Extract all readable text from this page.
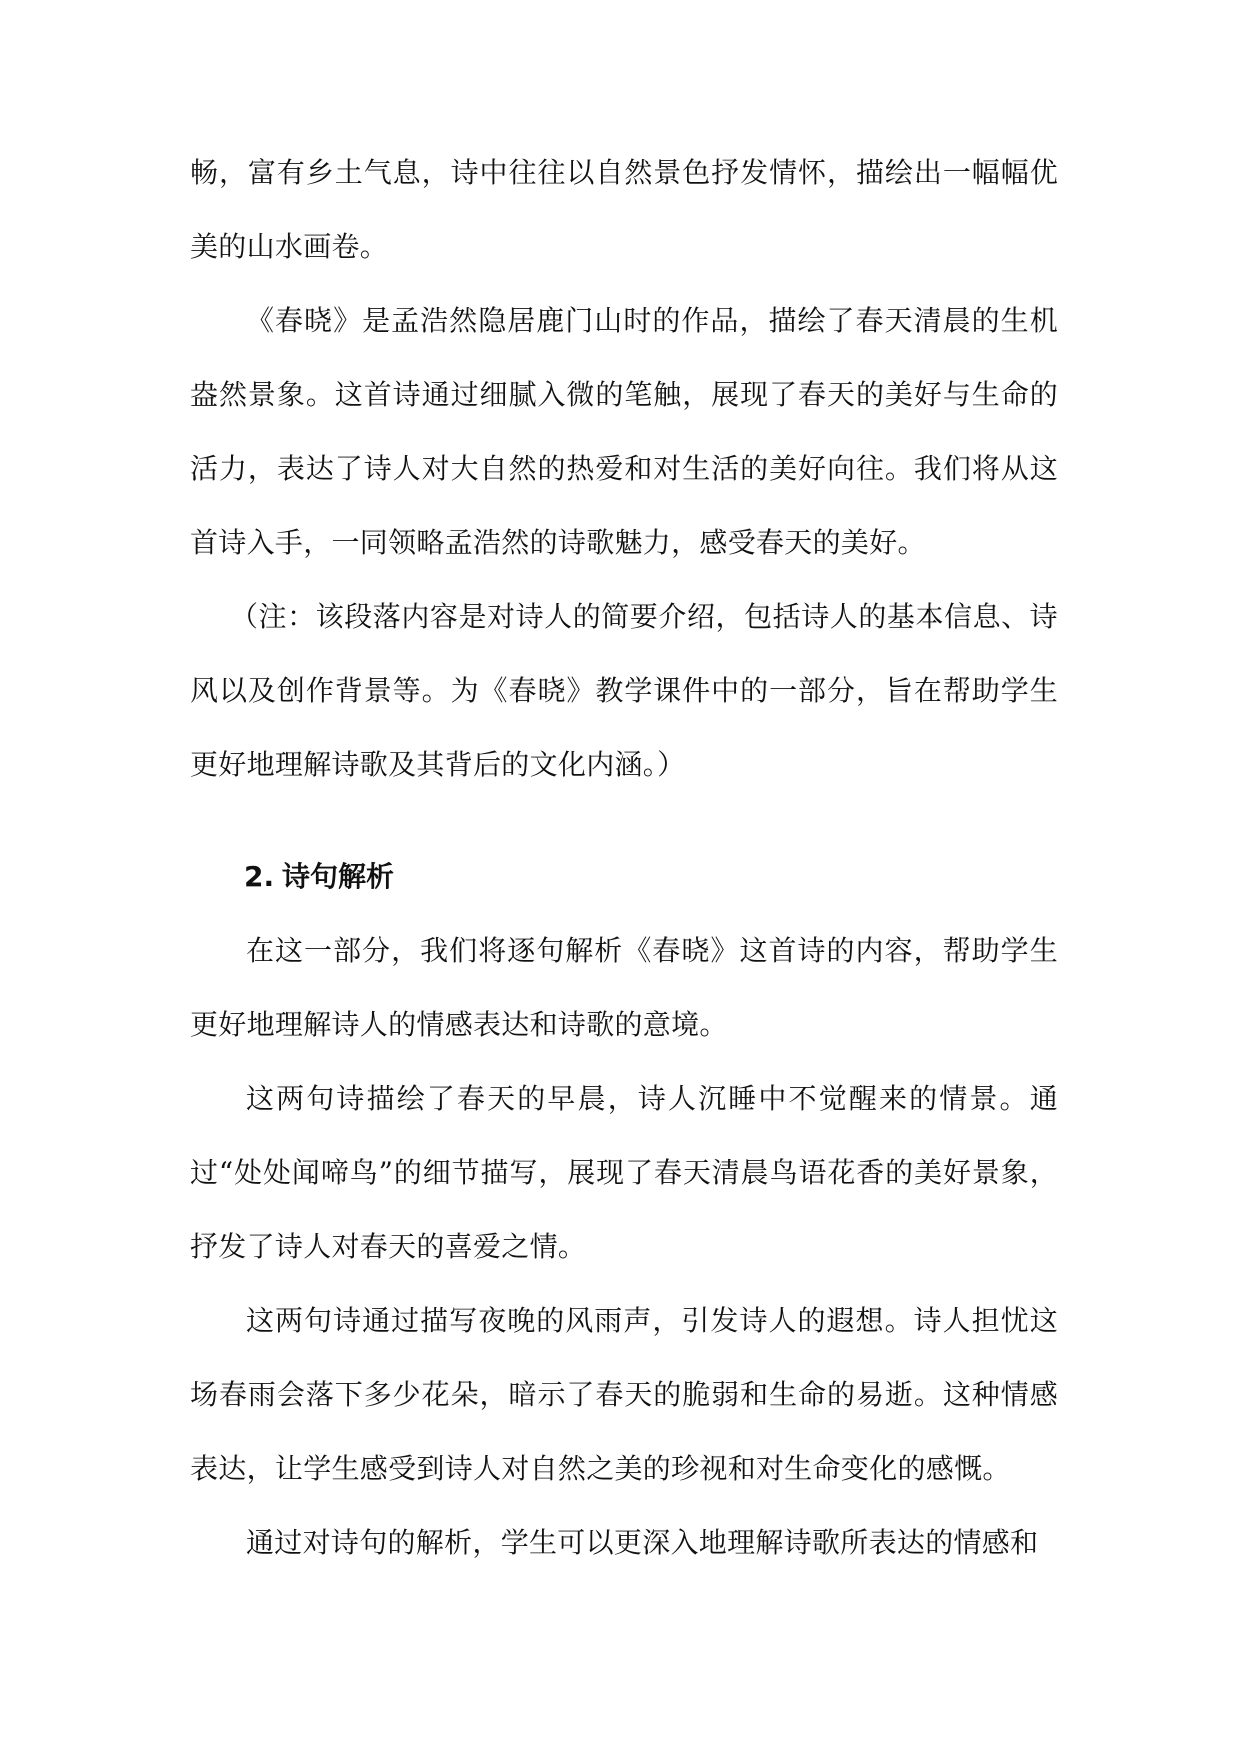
畅，富有乡土气息，诗中往往以自然景色抒发情怀，描绘出一幅幅优美的山水画卷。

《春晓》是孟浩然隐居鹿门山时的作品，描绘了春天清晨的生机盎然景象。这首诗通过细腻入微的笔触，展现了春天的美好与生命的活力，表达了诗人对大自然的热爱和对生活的美好向往。我们将从这首诗入手，一同领略孟浩然的诗歌魅力，感受春天的美好。

（注：该段落内容是对诗人的简要介绍，包括诗人的基本信息、诗风以及创作背景等。为《春晓》教学课件中的一部分，旨在帮助学生更好地理解诗歌及其背后的文化内涵。）

2. 诗句解析

在这一部分，我们将逐句解析《春晓》这首诗的内容，帮助学生更好地理解诗人的情感表达和诗歌的意境。

这两句诗描绘了春天的早晨，诗人沉睡中不觉醒来的情景。通过“处处闻啼鸟”的细节描写，展现了春天清晨鸟语花香的美好景象，抒发了诗人对春天的喜爱之情。

这两句诗通过描写夜晚的风雨声，引发诗人的遐想。诗人担忧这场春雨会落下多少花朵，暗示了春天的脆弱和生命的易逝。这种情感表达，让学生感受到诗人对自然之美的珍视和对生命变化的感慨。

通过对诗句的解析，学生可以更深入地理解诗歌所表达的情感和
